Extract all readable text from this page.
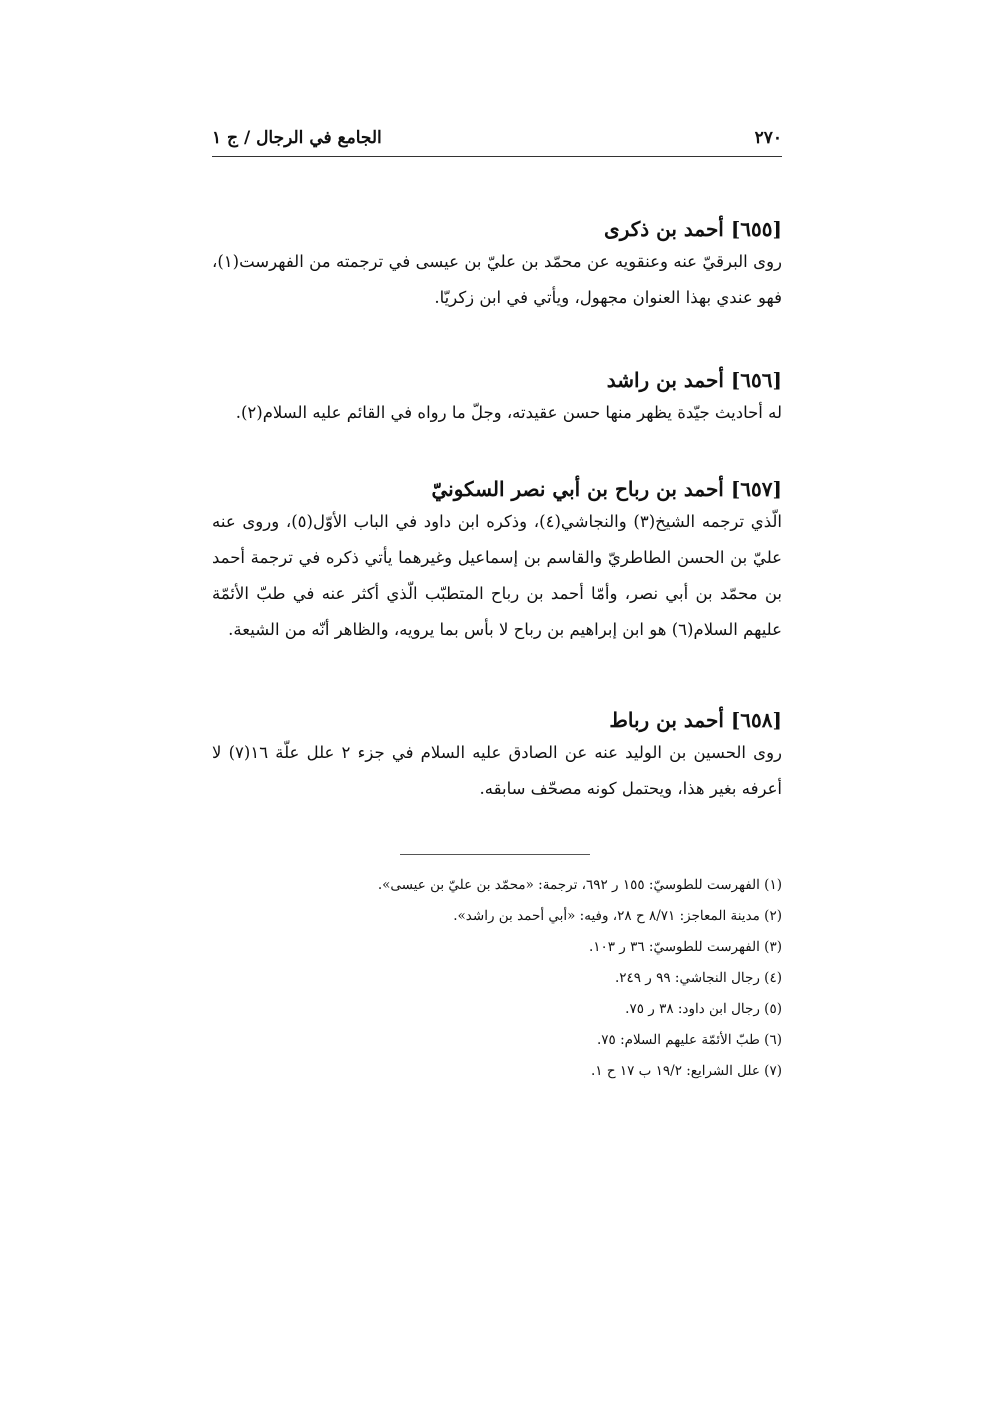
٢٧٠
الجامع في الرجال / ج ١
[٦٥٥] أحمد بن ذكرى

روى البرقيّ عنه وعنقويه عن محمّد بن عليّ بن عيسى في ترجمته من الفهرست(١)، فهو عندي بهذا العنوان مجهول، ويأتي في ابن زكريّا.

[٦٥٦] أحمد بن راشد

له أحاديث جيّدة يظهر منها حسن عقيدته، وجلّ ما رواه في القائم عليه السلام(٢).

[٦٥٧] أحمد بن رباح بن أبي نصر السكونيّ

الّذي ترجمه الشيخ(٣) والنجاشي(٤)، وذكره ابن داود في الباب الأوّل(٥)، وروى عنه عليّ بن الحسن الطاطريّ والقاسم بن إسماعيل وغيرهما يأتي ذكره في ترجمة أحمد بن محمّد بن أبي نصر، وأمّا أحمد بن رباح المتطبّب الّذي أكثر عنه في طبّ الأئمّة عليهم السلام(٦) هو ابن إبراهيم بن رباح لا بأس بما يرويه، والظاهر أنّه من الشيعة.

[٦٥٨] أحمد بن رباط

روى الحسين بن الوليد عنه عن الصادق عليه السلام في جزء ٢ علل علّة ١٦(٧) لا أعرفه بغير هذا، ويحتمل كونه مصحّف سابقه.

(١) الفهرست للطوسيّ: ١٥٥ ر ٦٩٢، ترجمة: «محمّد بن عليّ بن عيسى».
(٢) مدينة المعاجز: ٨/٧١ ح ٢٨، وفيه: «أبي أحمد بن راشد».
(٣) الفهرست للطوسيّ: ٣٦ ر ١٠٣.
(٤) رجال النجاشي: ٩٩ ر ٢٤٩.
(٥) رجال ابن داود: ٣٨ ر ٧٥.
(٦) طبّ الأئمّة عليهم السلام: ٧٥.
(٧) علل الشرايع: ١٩/٢ ب ١٧ ح ١.
